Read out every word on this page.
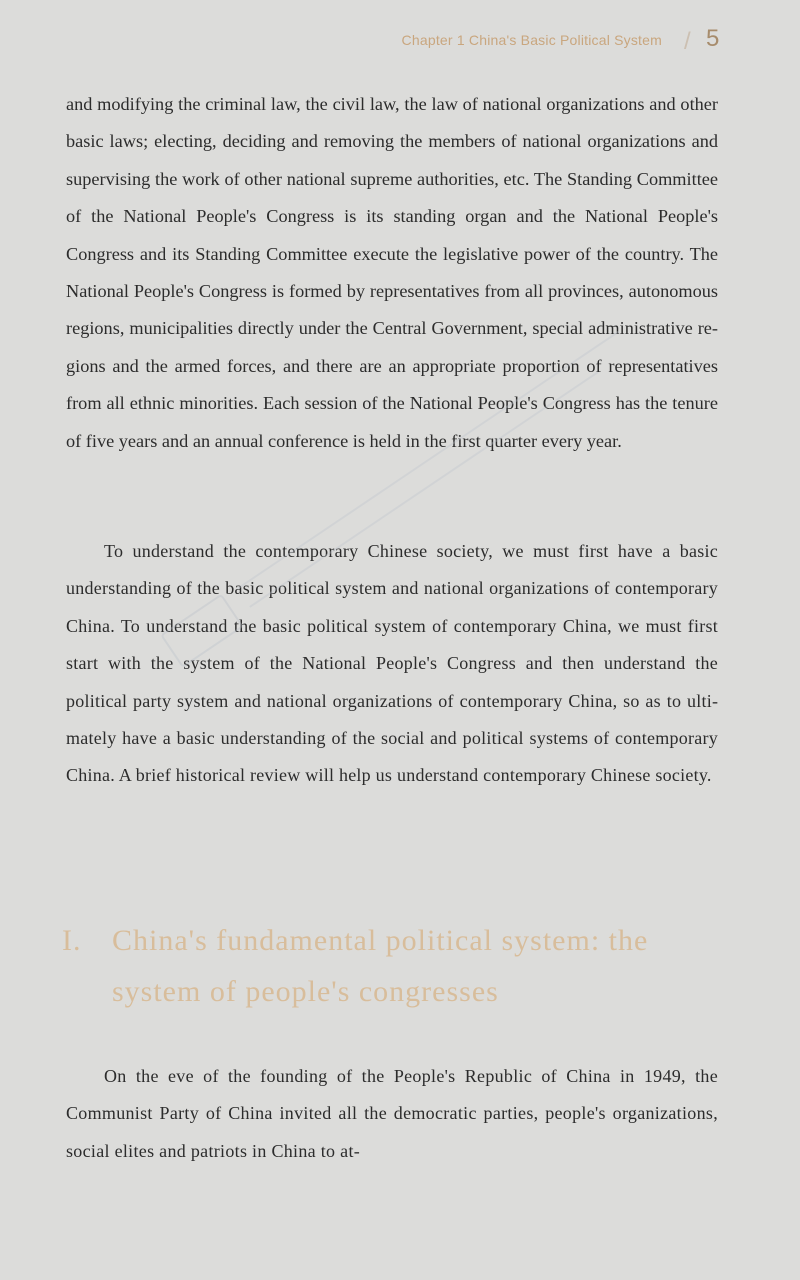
Chapter 1 China's Basic Political System / 5

and modifying the criminal law, the civil law, the law of national organizations and other basic laws; electing, deciding and removing the members of national organizations and supervising the work of other national supreme authorities, etc. The Standing Committee of the National People's Congress is its standing organ and the National People's Congress and its Standing Committee execute the legislative power of the country. The National People's Congress is formed by representatives from all provinces, autonomous regions, municipalities directly under the Central Government, special administrative regions and the armed forces, and there are an appropriate proportion of representatives from all ethnic minorities. Each session of the National People's Congress has the tenure of five years and an annual conference is held in the first quarter every year.

To understand the contemporary Chinese society, we must first have a basic understanding of the basic political system and national organizations of contemporary China. To understand the basic political system of contemporary China, we must first start with the system of the National People's Congress and then understand the political party system and national organizations of contemporary China, so as to ultimately have a basic understanding of the social and political systems of contemporary China. A brief historical review will help us understand contemporary Chinese society.

I. China's fundamental political system: the
system of people's congresses

On the eve of the founding of the People's Republic of China in 1949, the Communist Party of China invited all the democratic parties, people's organizations, social elites and patriots in China to at-
